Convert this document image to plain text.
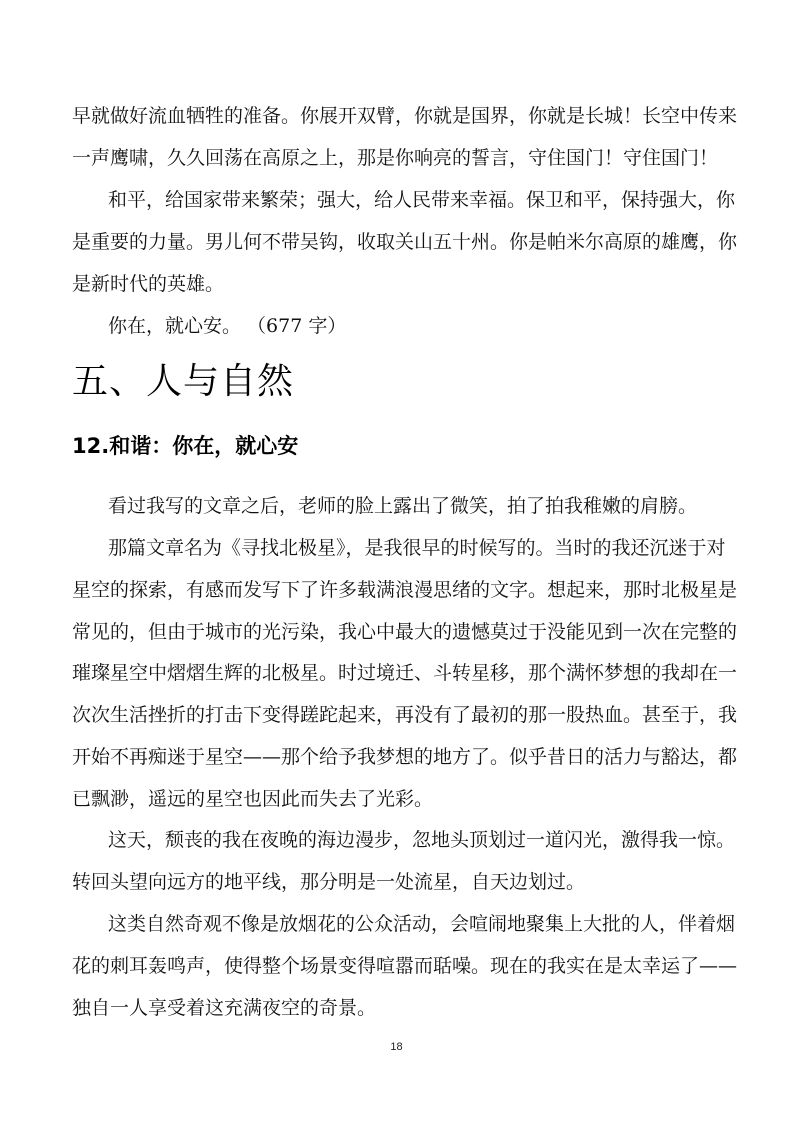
早就做好流血牺牲的准备。你展开双臂，你就是国界，你就是长城！长空中传来
一声鹰啸，久久回荡在高原之上，那是你响亮的誓言，守住国门！守住国门！
和平，给国家带来繁荣；强大，给人民带来幸福。保卫和平，保持强大，你
是重要的力量。男儿何不带吴钩，收取关山五十州。你是帕米尔高原的雄鹰，你
是新时代的英雄。
你在，就心安。 （677 字）
五、人与自然
12.和谐：你在，就心安
看过我写的文章之后，老师的脸上露出了微笑，拍了拍我稚嫩的肩膀。
那篇文章名为《寻找北极星》，是我很早的时候写的。当时的我还沉迷于对
星空的探索，有感而发写下了许多载满浪漫思绪的文字。想起来，那时北极星是
常见的，但由于城市的光污染，我心中最大的遗憾莫过于没能见到一次在完整的
璀璨星空中熠熠生辉的北极星。时过境迁、斗转星移，那个满怀梦想的我却在一
次次生活挫折的打击下变得蹉跎起来，再没有了最初的那一股热血。甚至于，我
开始不再痴迷于星空——那个给予我梦想的地方了。似乎昔日的活力与豁达，都
已飘渺，遥远的星空也因此而失去了光彩。
这天，颓丧的我在夜晚的海边漫步，忽地头顶划过一道闪光，激得我一惊。
转回头望向远方的地平线，那分明是一处流星，自天边划过。
这类自然奇观不像是放烟花的公众活动，会喧闹地聚集上大批的人，伴着烟
花的刺耳轰鸣声，使得整个场景变得喧嚣而聒噪。现在的我实在是太幸运了——
独自一人享受着这充满夜空的奇景。
18
